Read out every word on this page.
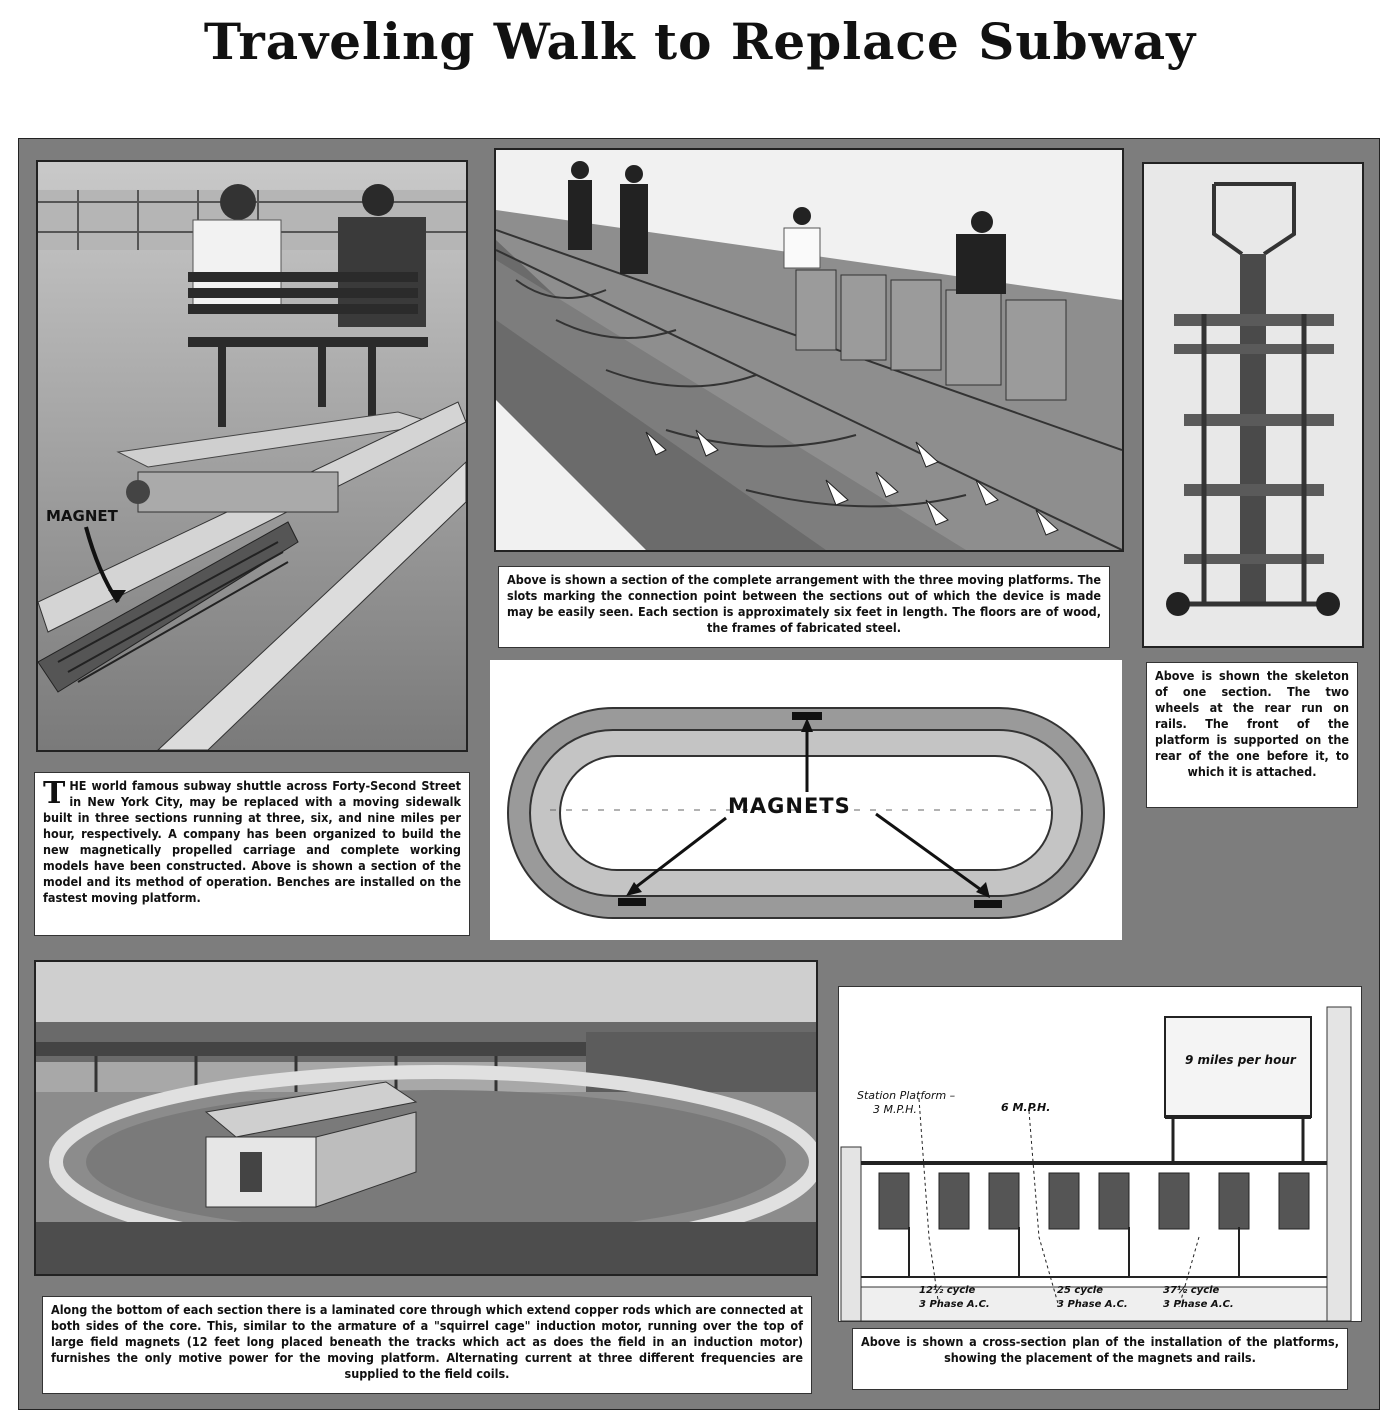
Traveling Walk to Replace Subway
MAGNET
T HE world famous subway shuttle across Forty-Second Street in New York City, may be replaced with a moving sidewalk built in three sections running at three, six, and nine miles per hour, respectively. A company has been organized to build the new magnetically propelled carriage and complete working models have been constructed. Above is shown a section of the model and its method of operation. Benches are installed on the fastest moving platform.
Above is shown a section of the complete arrangement with the three moving platforms. The slots marking the connection point between the sections out of which the device is made may be easily seen. Each section is approximately six feet in length. The floors are of wood, the frames of fabricated steel.
Above is shown the skeleton of one section. The two wheels at the rear run on rails. The front of the platform is supported on the rear of the one before it, to which it is attached.
MAGNETS
Along the bottom of each section there is a laminated core through which extend copper rods which are connected at both sides of the core. This, similar to the armature of a "squirrel cage" induction motor, running over the top of large field magnets (12 feet long placed beneath the tracks which act as does the field in an induction motor) furnishes the only motive power for the moving platform. Alternating current at three different frequencies are supplied to the field coils.
9 miles per hour
Station Platform –
3 M.P.H.	6 M.P.H.
12½ cycle
3 Phase A.C.
25 cycle
3 Phase A.C.
37½ cycle
3 Phase A.C.
Above is shown a cross-section plan of the installation of the platforms, showing the placement of the magnets and rails.
